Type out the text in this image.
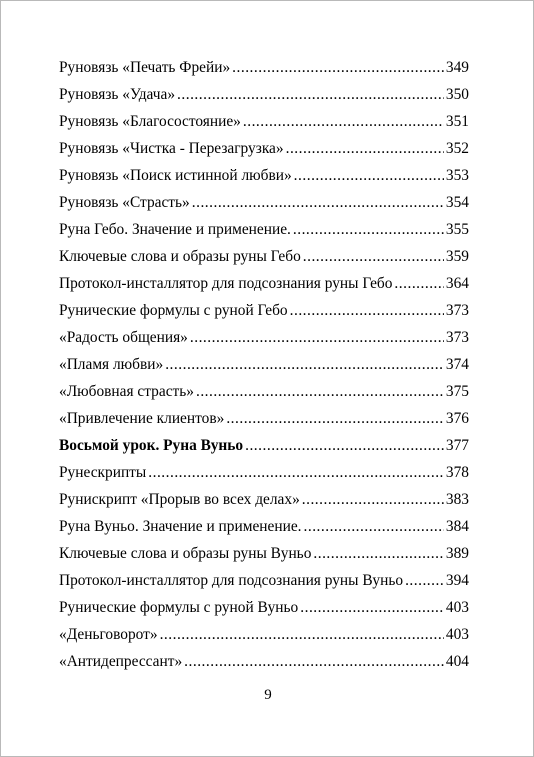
Руновязь «Печать Фрейи» .....	349
Руновязь «Удача» .....	350
Руновязь «Благосостояние» .....	351
Руновязь «Чистка - Перезагрузка» .....	352
Руновязь «Поиск истинной любви» .....	353
Руновязь «Страсть» .....	354
Руна Гебо. Значение и применение. .....	355
Ключевые слова и образы руны Гебо .....	359
Протокол-инсталлятор для подсознания руны Гебо .....	364
Рунические формулы с руной Гебо .....	373
«Радость общения» .....	373
«Пламя любви» .....	374
«Любовная страсть» .....	375
«Привлечение клиентов» .....	376
Восьмой урок. Руна Вуньо .....	377
Рунескрипты .....	378
Рунискрипт «Прорыв во всех делах» .....	383
Руна Вуньо. Значение и применение. .....	384
Ключевые слова и образы руны Вуньо .....	389
Протокол-инсталлятор для подсознания руны Вуньо .....	394
Рунические формулы с руной Вуньо .....	403
«Деньговорот» .....	403
«Антидепрессант» .....	404
9
